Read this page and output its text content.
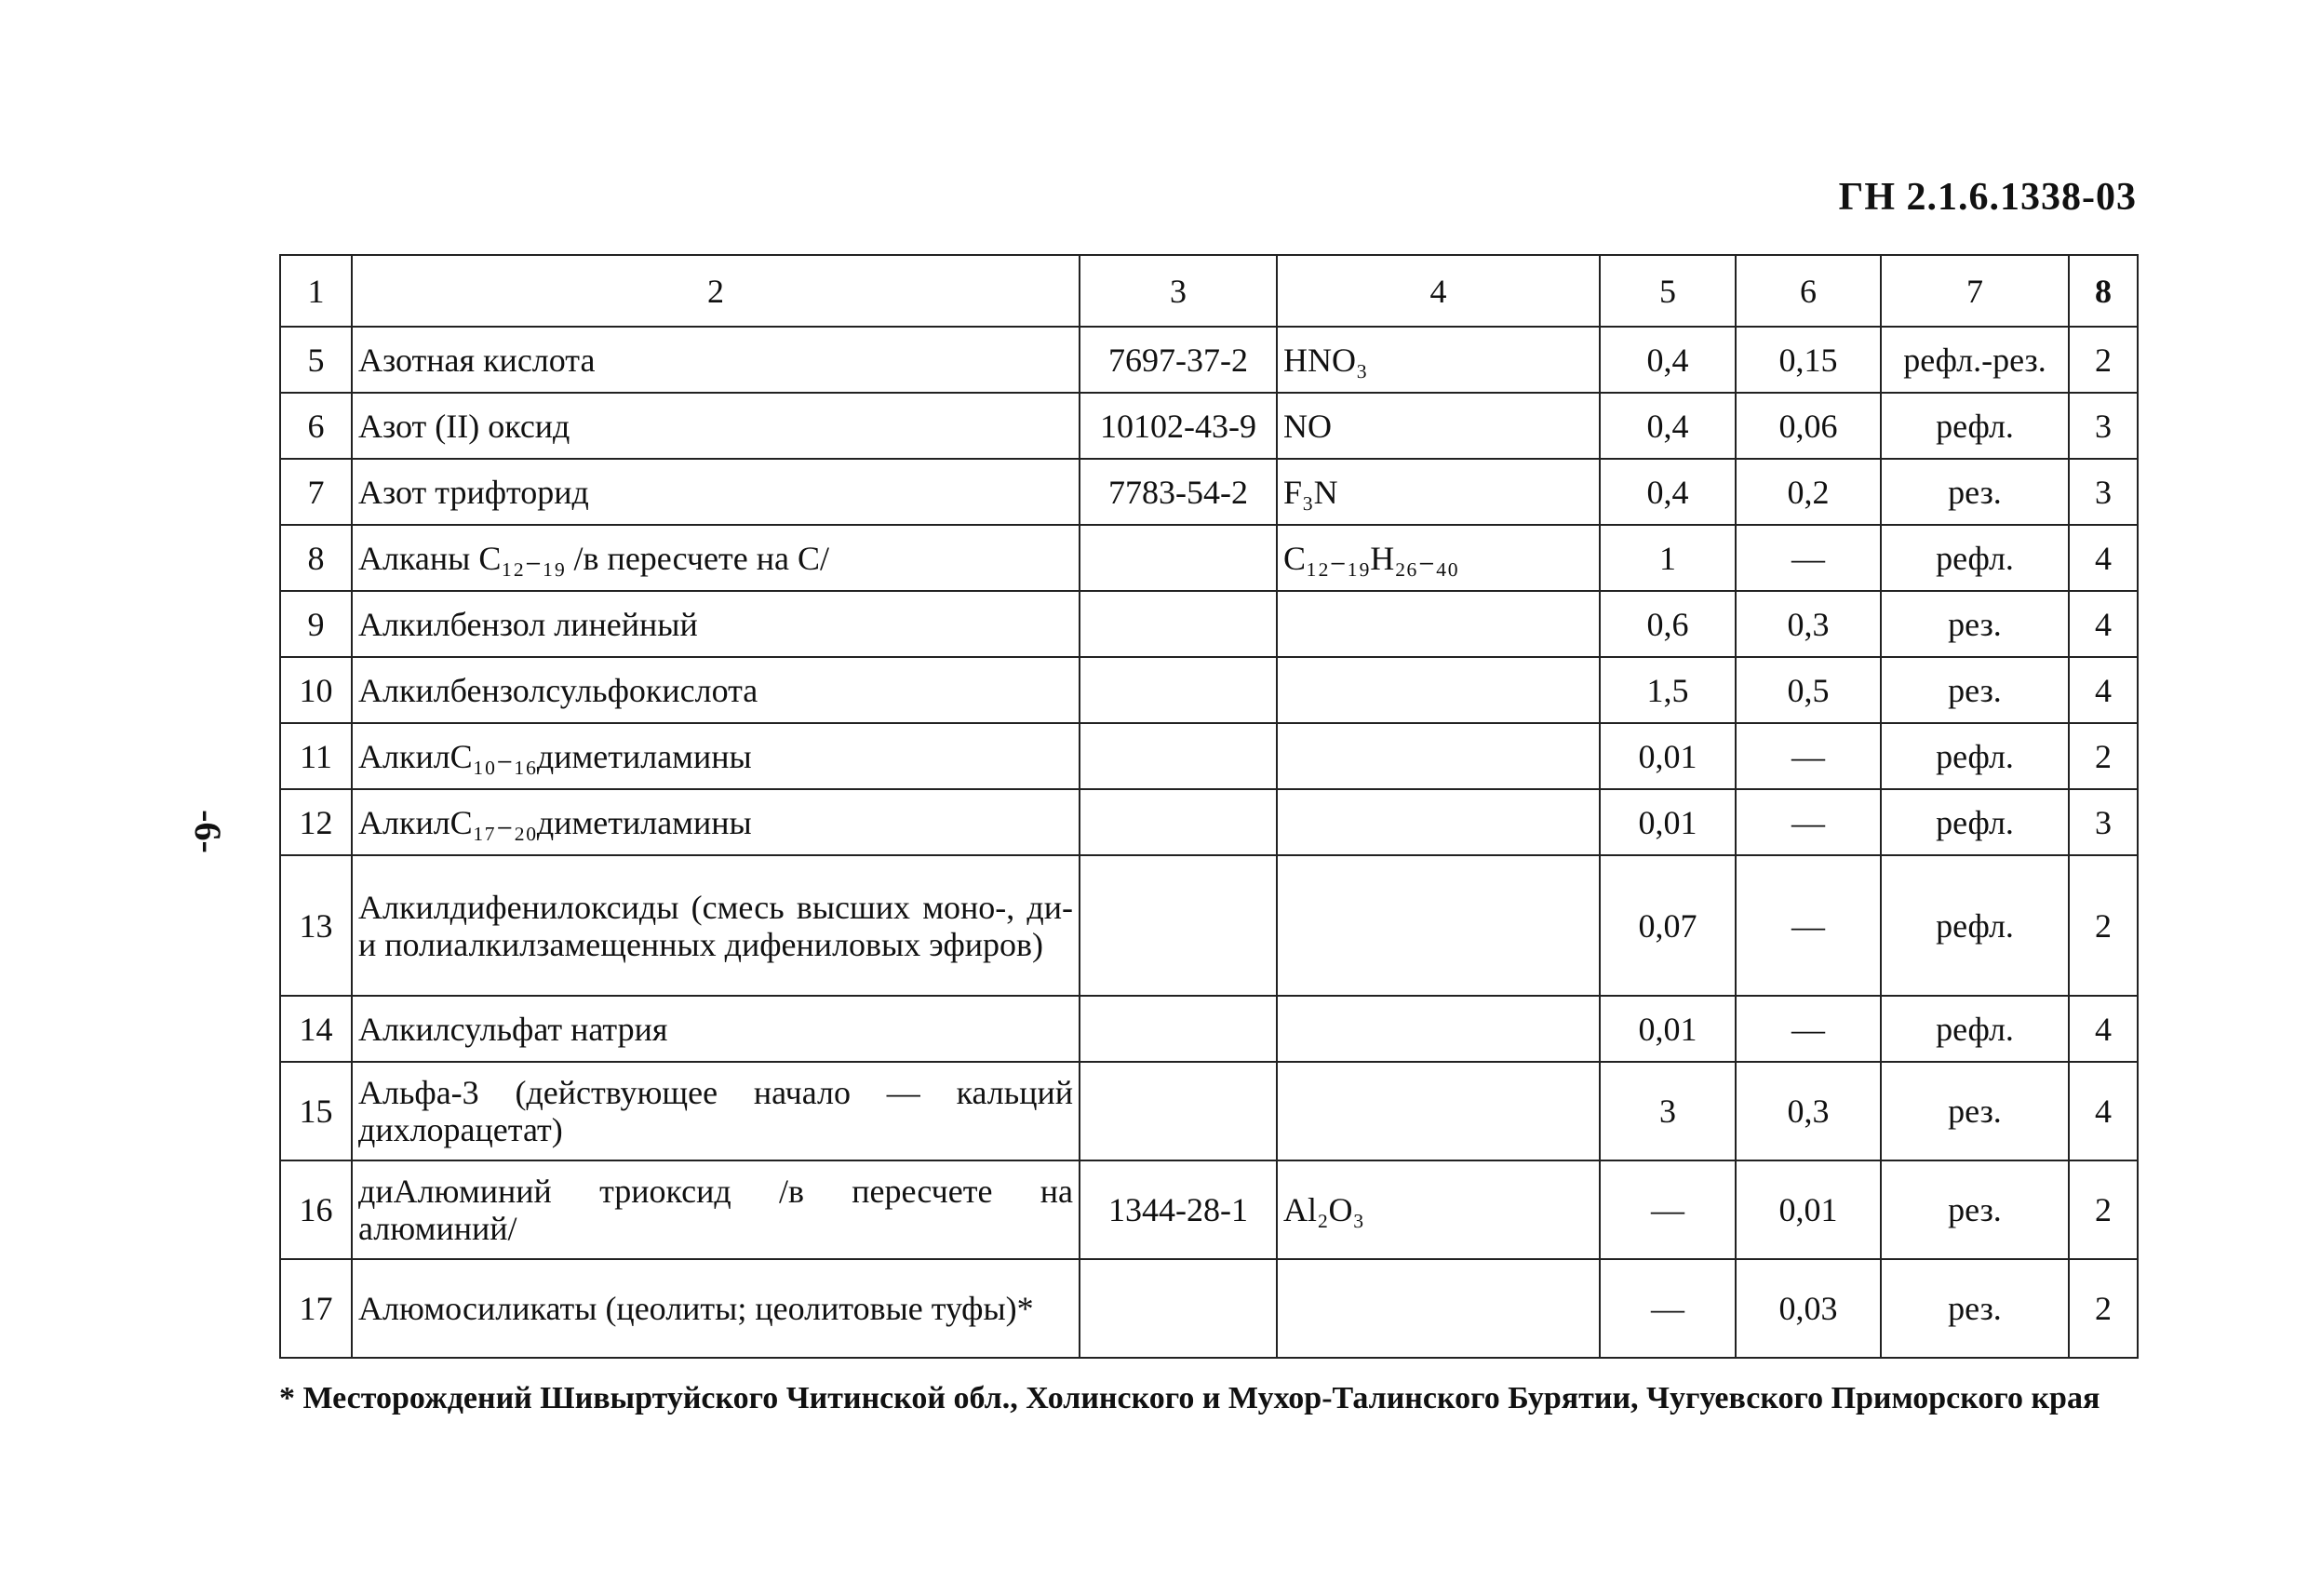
ГН 2.1.6.1338-03
-6-
1	2	3	4	5	6	7	8
5	Азотная кислота	7697-37-2	HNO₃	0,4	0,15	рефл.-рез.	2
6	Азот (II) оксид	10102-43-9	NO	0,4	0,06	рефл.	3
7	Азот трифторид	7783-54-2	F₃N	0,4	0,2	рез.	3
8	Алканы C₁₂₋₁₉ /в пересчете на C/		C₁₂₋₁₉H₂₆₋₄₀	1	—	рефл.	4
9	Алкилбензол линейный			0,6	0,3	рез.	4
10	Алкилбензолсульфокислота			1,5	0,5	рез.	4
11	АлкилC₁₀₋₁₆диметиламины			0,01	—	рефл.	2
12	АлкилC₁₇₋₂₀диметиламины			0,01	—	рефл.	3
13	Алкилдифенилоксиды (смесь высших моно-, ди- и полиалкилзамещенных дифениловых эфиров)			0,07	—	рефл.	2
14	Алкилсульфат натрия			0,01	—	рефл.	4
15	Альфа-3 (действующее начало — кальций дихлорацетат)			3	0,3	рез.	4
16	диАлюминий триоксид /в пересчете на алюминий/	1344-28-1	Al₂O₃	—	0,01	рез.	2
17	Алюмосиликаты (цеолиты; цеолитовые туфы)*			—	0,03	рез.	2
* Месторождений Шивыртуйского Читинской обл., Холинского и Мухор-Талинского Бурятии, Чугуевского Приморского края
